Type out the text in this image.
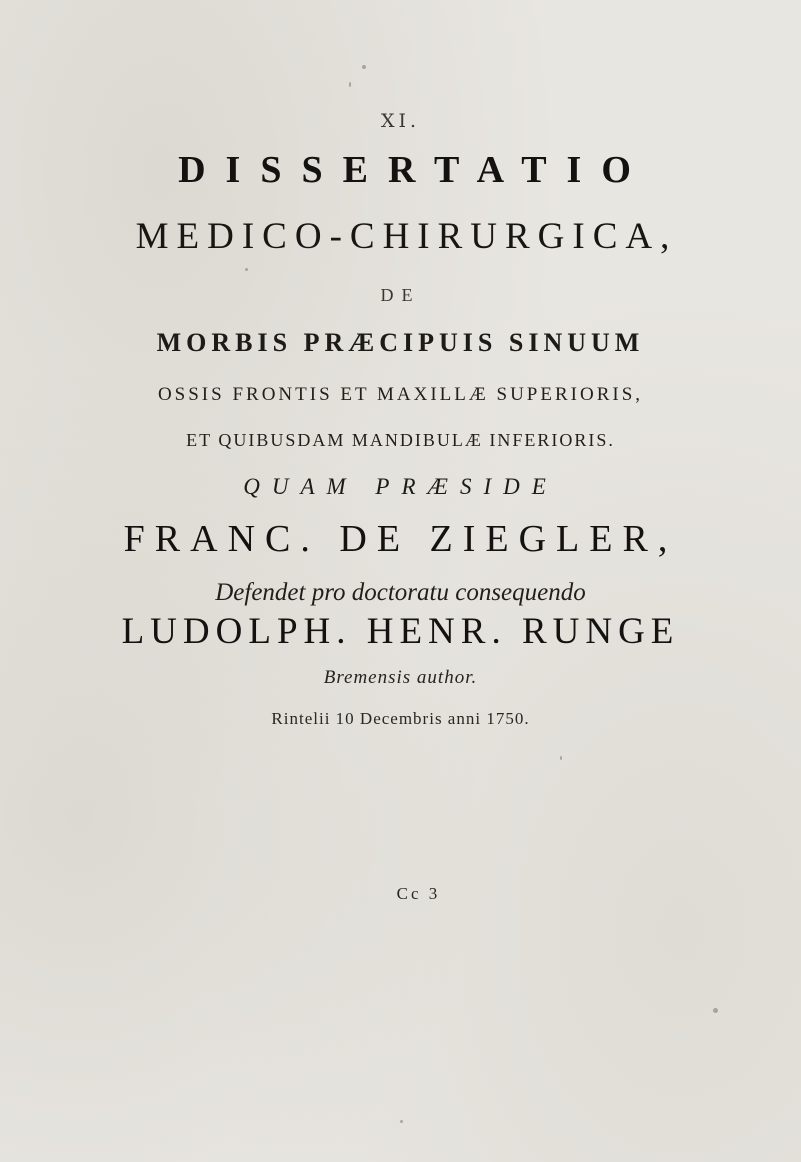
XI.
DISSERTATIO
MEDICO-CHIRURGICA,
DE
MORBIS PRÆCIPUIS SINUUM
OSSIS FRONTIS ET MAXILLÆ SUPERIORIS,
ET QUIBUSDAM MANDIBULÆ INFERIORIS.
QUAM PRÆSIDE
FRANC. DE ZIEGLER,
Defendet pro doctoratu consequendo
LUDOLPH. HENR. RUNGE
Bremensis author.
Rintelii 10 Decembris anni 1750.
Cc 3
